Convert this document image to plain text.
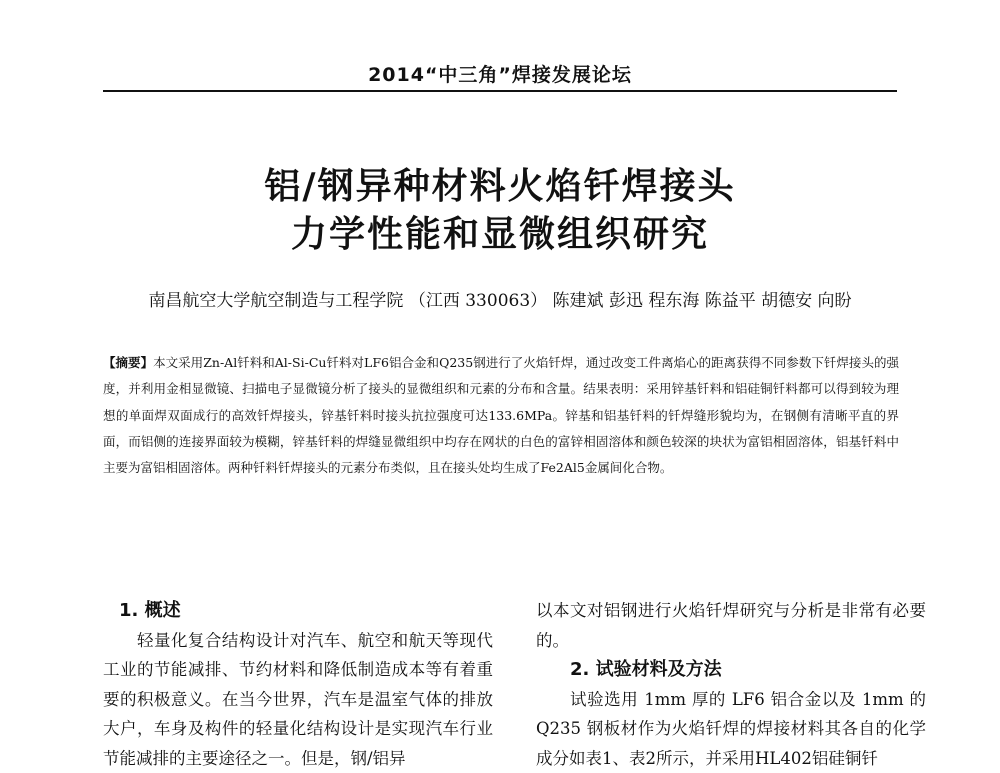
2014“中三角”焊接发展论坛
铝/钢异种材料火焰钎焊接头
力学性能和显微组织研究
南昌航空大学航空制造与工程学院 （江西 330063） 陈建斌 彭迅 程东海 陈益平 胡德安 向盼
【摘要】本文采用Zn-Al钎料和Al-Si-Cu钎料对LF6铝合金和Q235钢进行了火焰钎焊，通过改变工件离焰心的距离获得不同参数下钎焊接头的强度，并利用金相显微镜、扫描电子显微镜分析了接头的显微组织和元素的分布和含量。结果表明：采用锌基钎料和铝硅铜钎料都可以得到较为理想的单面焊双面成行的高效钎焊接头，锌基钎料时接头抗拉强度可达133.6MPa。锌基和铝基钎料的钎焊缝形貌均为，在钢侧有清晰平直的界面，而铝侧的连接界面较为模糊，锌基钎料的焊缝显微组织中均存在网状的白色的富锌相固溶体和颜色较深的块状为富铝相固溶体，铝基钎料中主要为富铝相固溶体。两种钎料钎焊接头的元素分布类似，且在接头处均生成了Fe2Al5金属间化合物。
1. 概述
轻量化复合结构设计对汽车、航空和航天等现代工业的节能减排、节约材料和降低制造成本等有着重要的积极意义。在当今世界，汽车是温室气体的排放大户，车身及构件的轻量化结构设计是实现汽车行业节能减排的主要途径之一。但是，钢/铝异
以本文对铝钢进行火焰钎焊研究与分析是非常有必要的。
2. 试验材料及方法
试验选用 1mm 厚的 LF6 铝合金以及 1mm 的 Q235 钢板材作为火焰钎焊的焊接材料其各自的化学成分如表1、表2所示，并采用HL402铝硅铜钎
